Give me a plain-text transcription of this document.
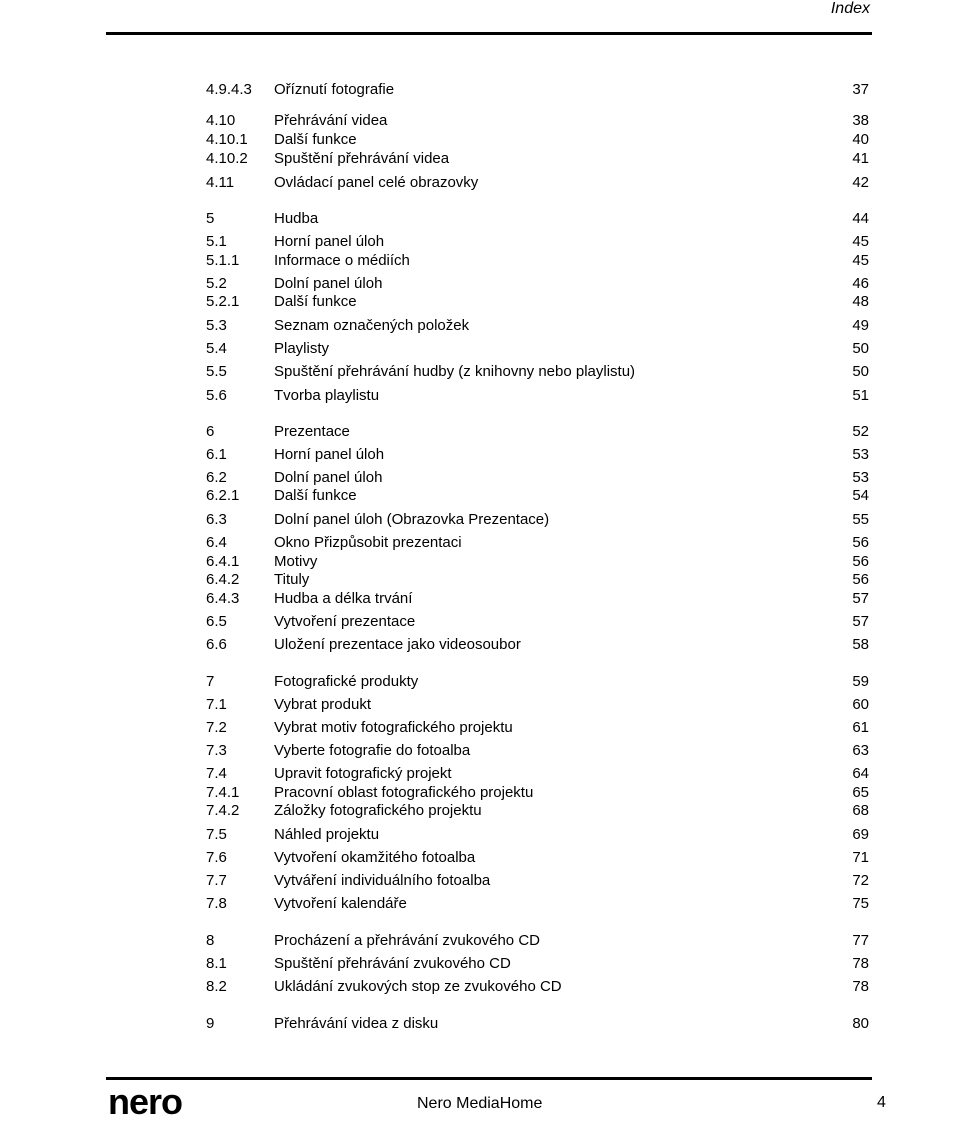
Index
4.9.4.3 Oříznutí fotografie	37
4.10	Přehrávání videa	38
4.10.1 Další funkce	40
4.10.2 Spuštění přehrávání videa	41
4.11	Ovládací panel celé obrazovky	42
5	Hudba	44
5.1	Horní panel úloh	45
5.1.1 Informace o médiích	45
5.2	Dolní panel úloh	46
5.2.1 Další funkce	48
5.3	Seznam označených položek	49
5.4	Playlisty	50
5.5	Spuštění přehrávání hudby (z knihovny nebo playlistu)	50
5.6	Tvorba playlistu	51
6	Prezentace	52
6.1	Horní panel úloh	53
6.2	Dolní panel úloh	53
6.2.1 Další funkce	54
6.3	Dolní panel úloh (Obrazovka Prezentace)	55
6.4	Okno Přizpůsobit prezentaci	56
6.4.1 Motivy	56
6.4.2 Tituly	56
6.4.3 Hudba a délka trvání	57
6.5	Vytvoření prezentace	57
6.6	Uložení prezentace jako videosoubor	58
7	Fotografické produkty	59
7.1	Vybrat produkt	60
7.2	Vybrat motiv fotografického projektu	61
7.3	Vyberte fotografie do fotoalba	63
7.4	Upravit fotografický projekt	64
7.4.1 Pracovní oblast fotografického projektu	65
7.4.2 Záložky fotografického projektu	68
7.5	Náhled projektu	69
7.6	Vytvoření okamžitého fotoalba	71
7.7	Vytváření individuálního fotoalba	72
7.8	Vytvoření kalendáře	75
8	Procházení a přehrávání zvukového CD	77
8.1	Spuštění přehrávání zvukového CD	78
8.2	Ukládání zvukových stop ze zvukového CD	78
9	Přehrávání videa z disku	80
nero	Nero MediaHome	4
